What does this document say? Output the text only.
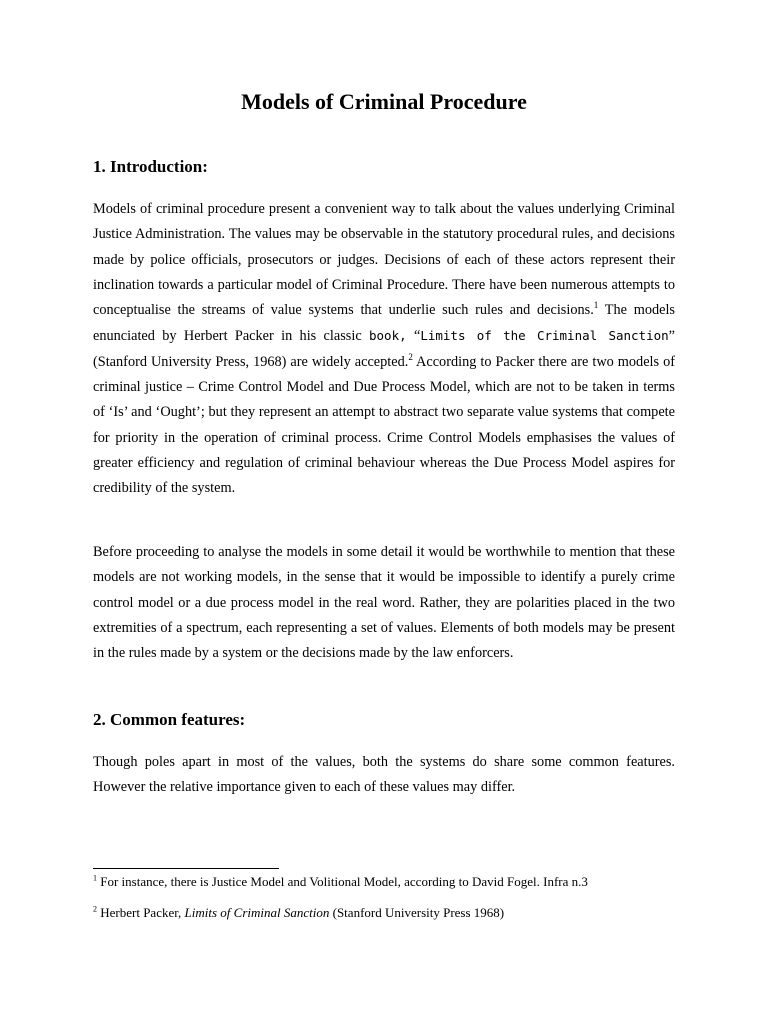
Models of Criminal Procedure
1. Introduction:

Models of criminal procedure present a convenient way to talk about the values underlying Criminal Justice Administration. The values may be observable in the statutory procedural rules, and decisions made by police officials, prosecutors or judges. Decisions of each of these actors represent their inclination towards a particular model of Criminal Procedure. There have been numerous attempts to conceptualise the streams of value systems that underlie such rules and decisions.$^1$ The models enunciated by Herbert Packer in his classic book, “Limits of the Criminal Sanction” (Stanford University Press, 1968) are widely accepted.$^2$ According to Packer there are two models of criminal justice – Crime Control Model and Due Process Model, which are not to be taken in terms of ‘Is’ and ‘Ought’; but they represent an attempt to abstract two separate value systems that compete for priority in the operation of criminal process. Crime Control Models emphasises the values of greater efficiency and regulation of criminal behaviour whereas the Due Process Model aspires for credibility of the system.

Before proceeding to analyse the models in some detail it would be worthwhile to mention that these models are not working models, in the sense that it would be impossible to identify a purely crime control model or a due process model in the real word. Rather, they are polarities placed in the two extremities of a spectrum, each representing a set of values. Elements of both models may be present in the rules made by a system or the decisions made by the law enforcers.

2. Common features:

Though poles apart in most of the values, both the systems do share some common features. However the relative importance given to each of these values may differ.

$^1$ For instance, there is Justice Model and Volitional Model, according to David Fogel. Infra n.3

$^2$ Herbert Packer, Limits of Criminal Sanction (Stanford University Press 1968)
